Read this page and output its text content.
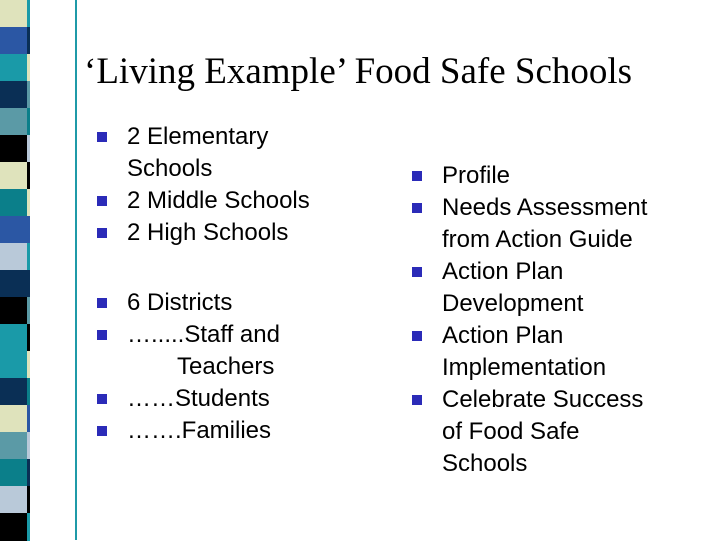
‘Living Example’ Food Safe Schools
2 Elementary
Schools
2 Middle Schools
2 High Schools
6 Districts
….....Staff and
Teachers
……Students
…….Families
Profile
Needs Assessment
from Action Guide
Action Plan
Development
Action Plan
Implementation
Celebrate Success
of Food Safe
Schools
